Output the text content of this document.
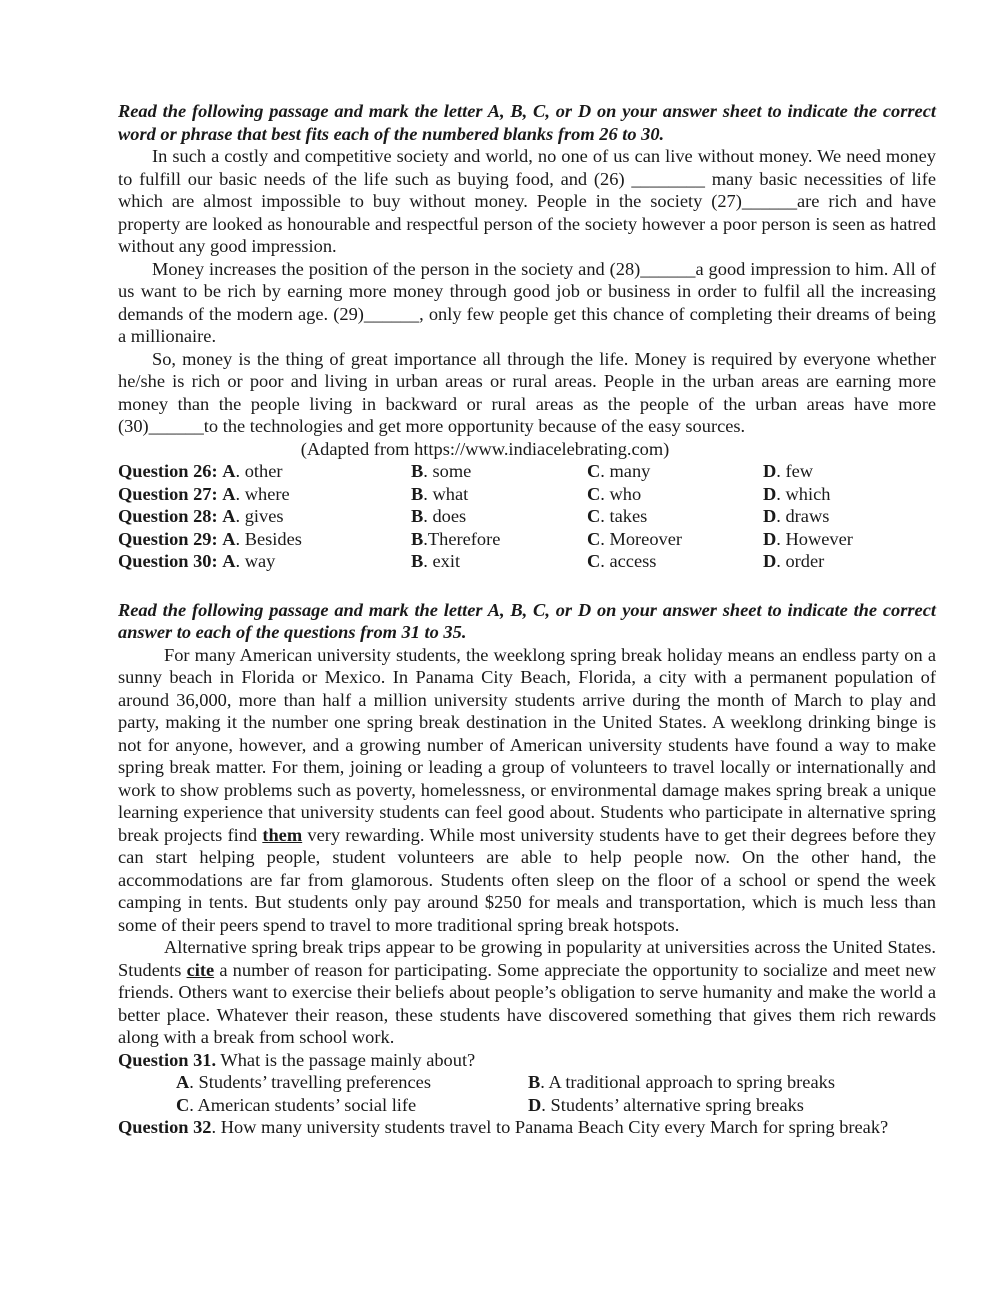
Read the following passage and mark the letter A, B, C, or D on your answer sheet to indicate the correct word or phrase that best fits each of the numbered blanks from 26 to 30.

In such a costly and competitive society and world, no one of us can live without money. We need money to fulfill our basic needs of the life such as buying food, and (26) ________ many basic necessities of life which are almost impossible to buy without money. People in the society (27)______are rich and have property are looked as honourable and respectful person of the society however a poor person is seen as hatred without any good impression.

Money increases the position of the person in the society and (28)______a good impression to him. All of us want to be rich by earning more money through good job or business in order to fulfil all the increasing demands of the modern age. (29)______, only few people get this chance of completing their dreams of being a millionaire.

So, money is the thing of great importance all through the life. Money is required by everyone whether he/she is rich or poor and living in urban areas or rural areas. People in the urban areas are earning more money than the people living in backward or rural areas as the people of the urban areas have more (30)______to the technologies and get more opportunity because of the easy sources.

(Adapted from https://www.indiacelebrating.com)

Question 26: A. other	B. some	C. many	D. few
Question 27: A. where	B. what	C. who	D. which
Question 28: A. gives	B. does	C. takes	D. draws
Question 29: A. Besides	B.Therefore	C. Moreover	D. However
Question 30: A. way	B. exit	C. access	D. order

Read the following passage and mark the letter A, B, C, or D on your answer sheet to indicate the correct answer to each of the questions from 31 to 35.

For many American university students, the weeklong spring break holiday means an endless party on a sunny beach in Florida or Mexico. In Panama City Beach, Florida, a city with a permanent population of around 36,000, more than half a million university students arrive during the month of March to play and party, making it the number one spring break destination in the United States. A weeklong drinking binge is not for anyone, however, and a growing number of American university students have found a way to make spring break matter. For them, joining or leading a group of volunteers to travel locally or internationally and work to show problems such as poverty, homelessness, or environmental damage makes spring break a unique learning experience that university students can feel good about. Students who participate in alternative spring break projects find them very rewarding. While most university students have to get their degrees before they can start helping people, student volunteers are able to help people now. On the other hand, the accommodations are far from glamorous. Students often sleep on the floor of a school or spend the week camping in tents. But students only pay around $250 for meals and transportation, which is much less than some of their peers spend to travel to more traditional spring break hotspots.

Alternative spring break trips appear to be growing in popularity at universities across the United States. Students cite a number of reason for participating. Some appreciate the opportunity to socialize and meet new friends. Others want to exercise their beliefs about people’s obligation to serve humanity and make the world a better place. Whatever their reason, these students have discovered something that gives them rich rewards along with a break from school work.

Question 31. What is the passage mainly about?

A. Students’ travelling preferences	B. A traditional approach to spring breaks
C. American students’ social life	D. Students’ alternative spring breaks

Question 32. How many university students travel to Panama Beach City every March for spring break?
